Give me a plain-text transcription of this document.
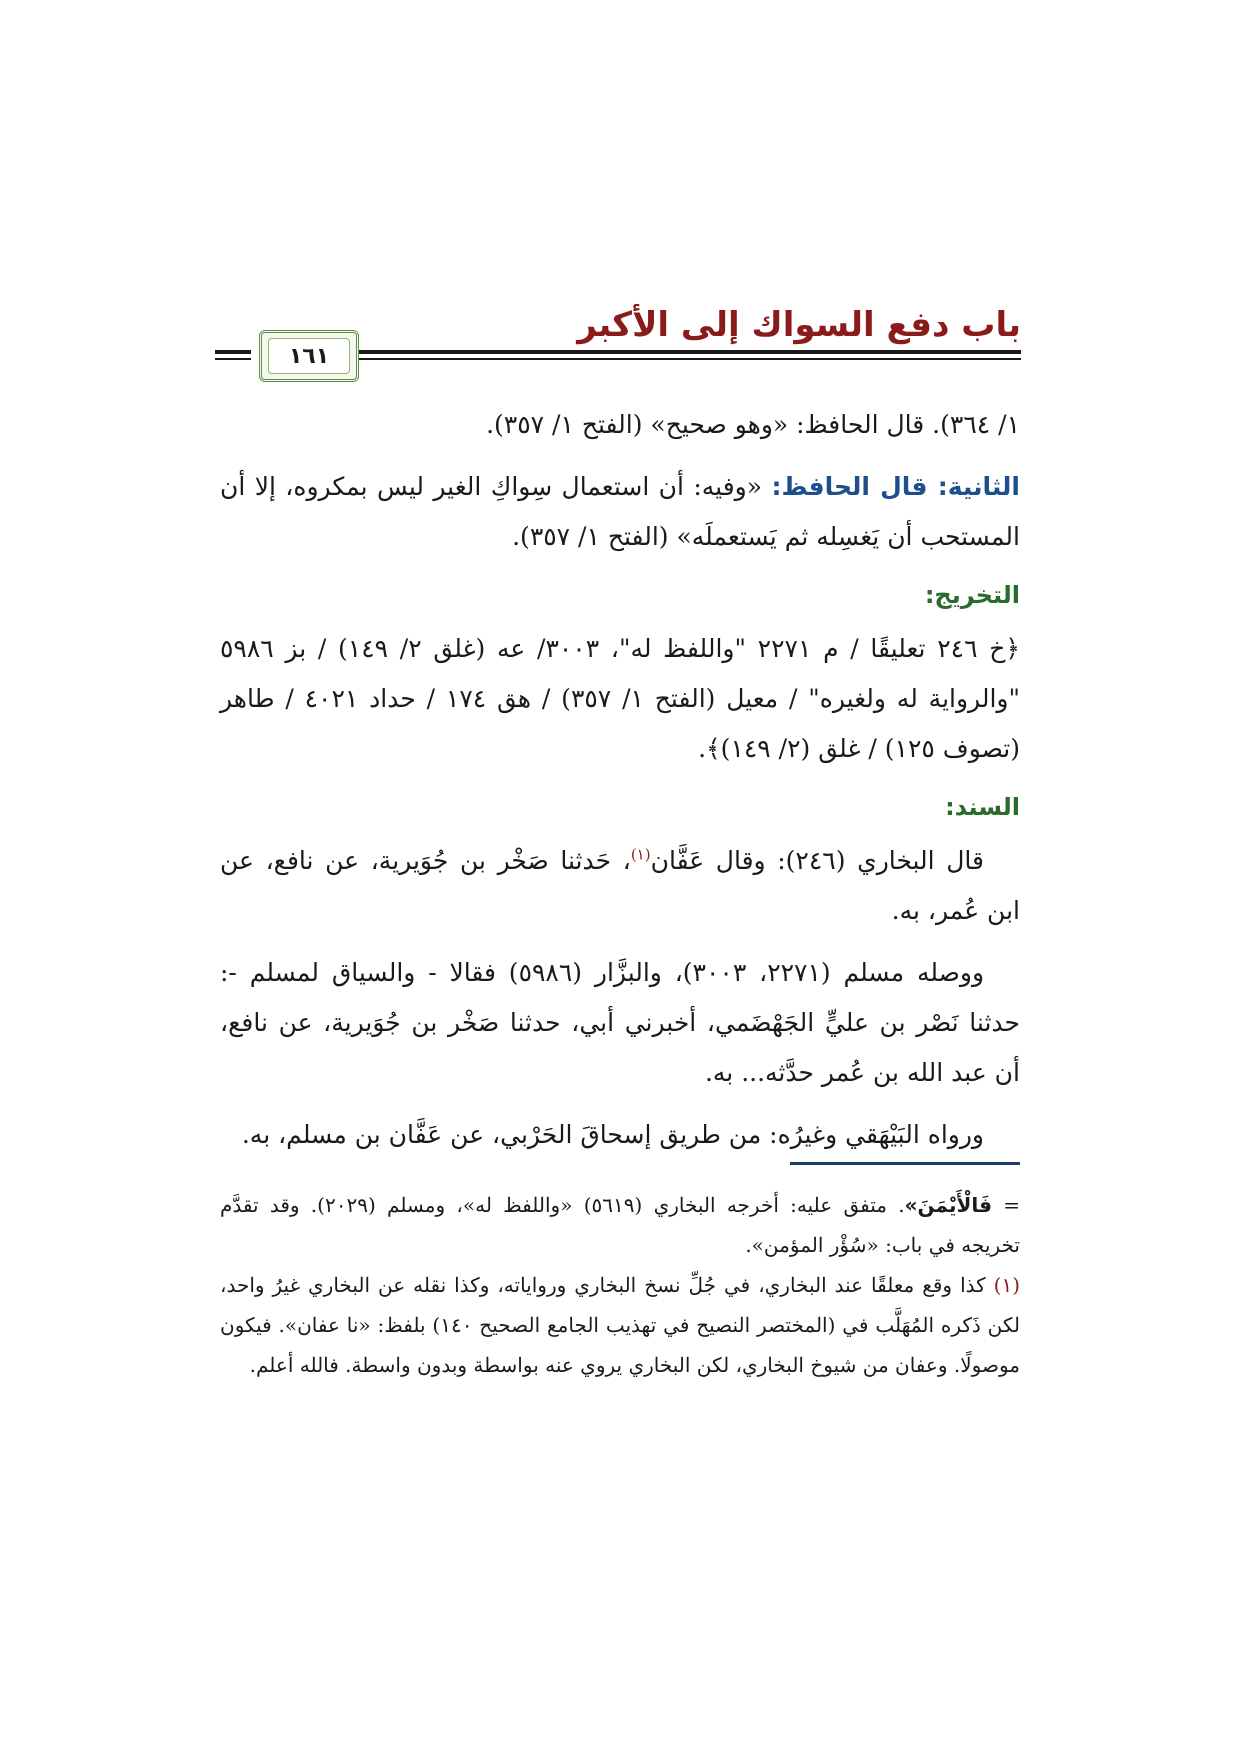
باب دفع السواك إلى الأكبر
١٦١

١/ ٣٦٤). قال الحافظ: «وهو صحيح» (الفتح ١/ ٣٥٧).

الثانية: قال الحافظ: «وفيه: أن استعمال سِواكِ الغير ليس بمكروه، إلا أن المستحب أن يَغسِله ثم يَستعملَه» (الفتح ١/ ٣٥٧).

التخريج:

﴿خ ٢٤٦ تعليقًا / م ٢٢٧١ "واللفظ له"، ٣٠٠٣/ عه (غلق ٢/ ١٤٩) / بز ٥٩٨٦ "والرواية له ولغيره" / معيل (الفتح ١/ ٣٥٧) / هق ١٧٤ / حداد ٤٠٢١ / طاهر (تصوف ١٢٥) / غلق (٢/ ١٤٩)﴾.

السند:

قال البخاري (٢٤٦): وقال عَفَّان$^{(١)}$، حَدثنا صَخْر بن جُوَيرية، عن نافع، عن ابن عُمر، به.

ووصله مسلم (٢٢٧١، ٣٠٠٣)، والبزَّار (٥٩٨٦) فقالا - والسياق لمسلم -: حدثنا نَصْر بن عليٍّ الجَهْضَمي، أخبرني أبي، حدثنا صَخْر بن جُوَيرية، عن نافع، أن عبد الله بن عُمر حدَّثه... به.

ورواه البَيْهَقي وغيرُه: من طريق إسحاقَ الحَرْبي، عن عَفَّان بن مسلم، به.

= فَالْأَيْمَنَ». متفق عليه: أخرجه البخاري (٥٦١٩) «واللفظ له»، ومسلم (٢٠٢٩). وقد تقدَّم تخريجه في باب: «سُؤْر المؤمن».

(١) كذا وقع معلقًا عند البخاري، في جُلِّ نسخ البخاري ورواياته، وكذا نقله عن البخاري غيرُ واحد، لكن ذَكره المُهَلَّب في (المختصر النصيح في تهذيب الجامع الصحيح ١٤٠) بلفظ: «نا عفان». فيكون موصولًا. وعفان من شيوخ البخاري، لكن البخاري يروي عنه بواسطة وبدون واسطة. فالله أعلم.
